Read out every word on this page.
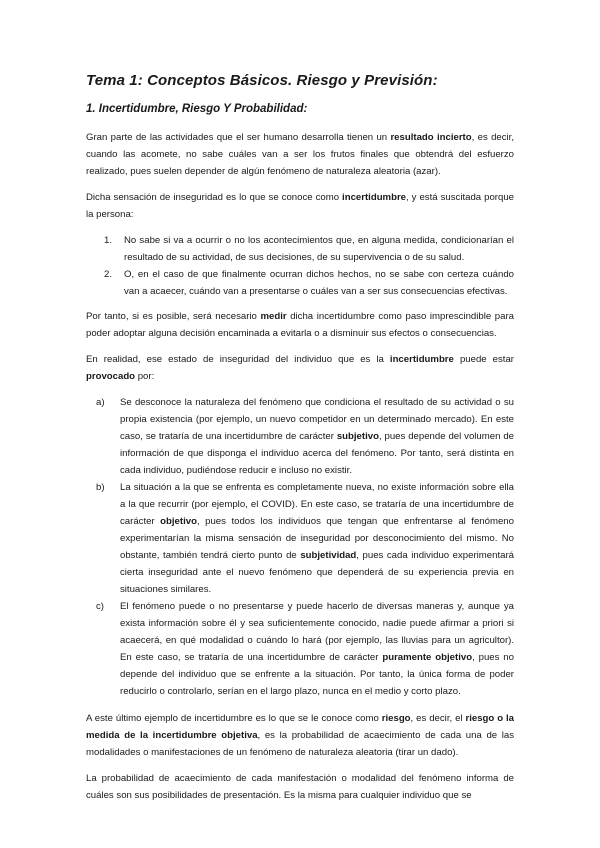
Tema 1: Conceptos Básicos. Riesgo y Previsión:
1. Incertidumbre, Riesgo Y Probabilidad:

Gran parte de las actividades que el ser humano desarrolla tienen un resultado incierto, es decir, cuando las acomete, no sabe cuáles van a ser los frutos finales que obtendrá del esfuerzo realizado, pues suelen depender de algún fenómeno de naturaleza aleatoria (azar).

Dicha sensación de inseguridad es lo que se conoce como incertidumbre, y está suscitada porque la persona:

1. No sabe si va a ocurrir o no los acontecimientos que, en alguna medida, condicionarían el resultado de su actividad, de sus decisiones, de su supervivencia o de su salud.
2. O, en el caso de que finalmente ocurran dichos hechos, no se sabe con certeza cuándo van a acaecer, cuándo van a presentarse o cuáles van a ser sus consecuencias efectivas.

Por tanto, si es posible, será necesario medir dicha incertidumbre como paso imprescindible para poder adoptar alguna decisión encaminada a evitarla o a disminuir sus efectos o consecuencias.

En realidad, ese estado de inseguridad del individuo que es la incertidumbre puede estar provocado por:

a) Se desconoce la naturaleza del fenómeno que condiciona el resultado de su actividad o su propia existencia (por ejemplo, un nuevo competidor en un determinado mercado). En este caso, se trataría de una incertidumbre de carácter subjetivo, pues depende del volumen de información de que disponga el individuo acerca del fenómeno. Por tanto, será distinta en cada individuo, pudiéndose reducir e incluso no existir.
b) La situación a la que se enfrenta es completamente nueva, no existe información sobre ella a la que recurrir (por ejemplo, el COVID). En este caso, se trataría de una incertidumbre de carácter objetivo, pues todos los individuos que tengan que enfrentarse al fenómeno experimentarían la misma sensación de inseguridad por desconocimiento del mismo. No obstante, también tendrá cierto punto de subjetividad, pues cada individuo experimentará cierta inseguridad ante el nuevo fenómeno que dependerá de su experiencia previa en situaciones similares.
c) El fenómeno puede o no presentarse y puede hacerlo de diversas maneras y, aunque ya exista información sobre él y sea suficientemente conocido, nadie puede afirmar a priori si acaecerá, en qué modalidad o cuándo lo hará (por ejemplo, las lluvias para un agricultor). En este caso, se trataría de una incertidumbre de carácter puramente objetivo, pues no depende del individuo que se enfrente a la situación. Por tanto, la única forma de poder reducirlo o controlarlo, serían en el largo plazo, nunca en el medio y corto plazo.

A este último ejemplo de incertidumbre es lo que se le conoce como riesgo, es decir, el riesgo o la medida de la incertidumbre objetiva, es la probabilidad de acaecimiento de cada una de las modalidades o manifestaciones de un fenómeno de naturaleza aleatoria (tirar un dado).

La probabilidad de acaecimiento de cada manifestación o modalidad del fenómeno informa de cuáles son sus posibilidades de presentación. Es la misma para cualquier individuo que se
